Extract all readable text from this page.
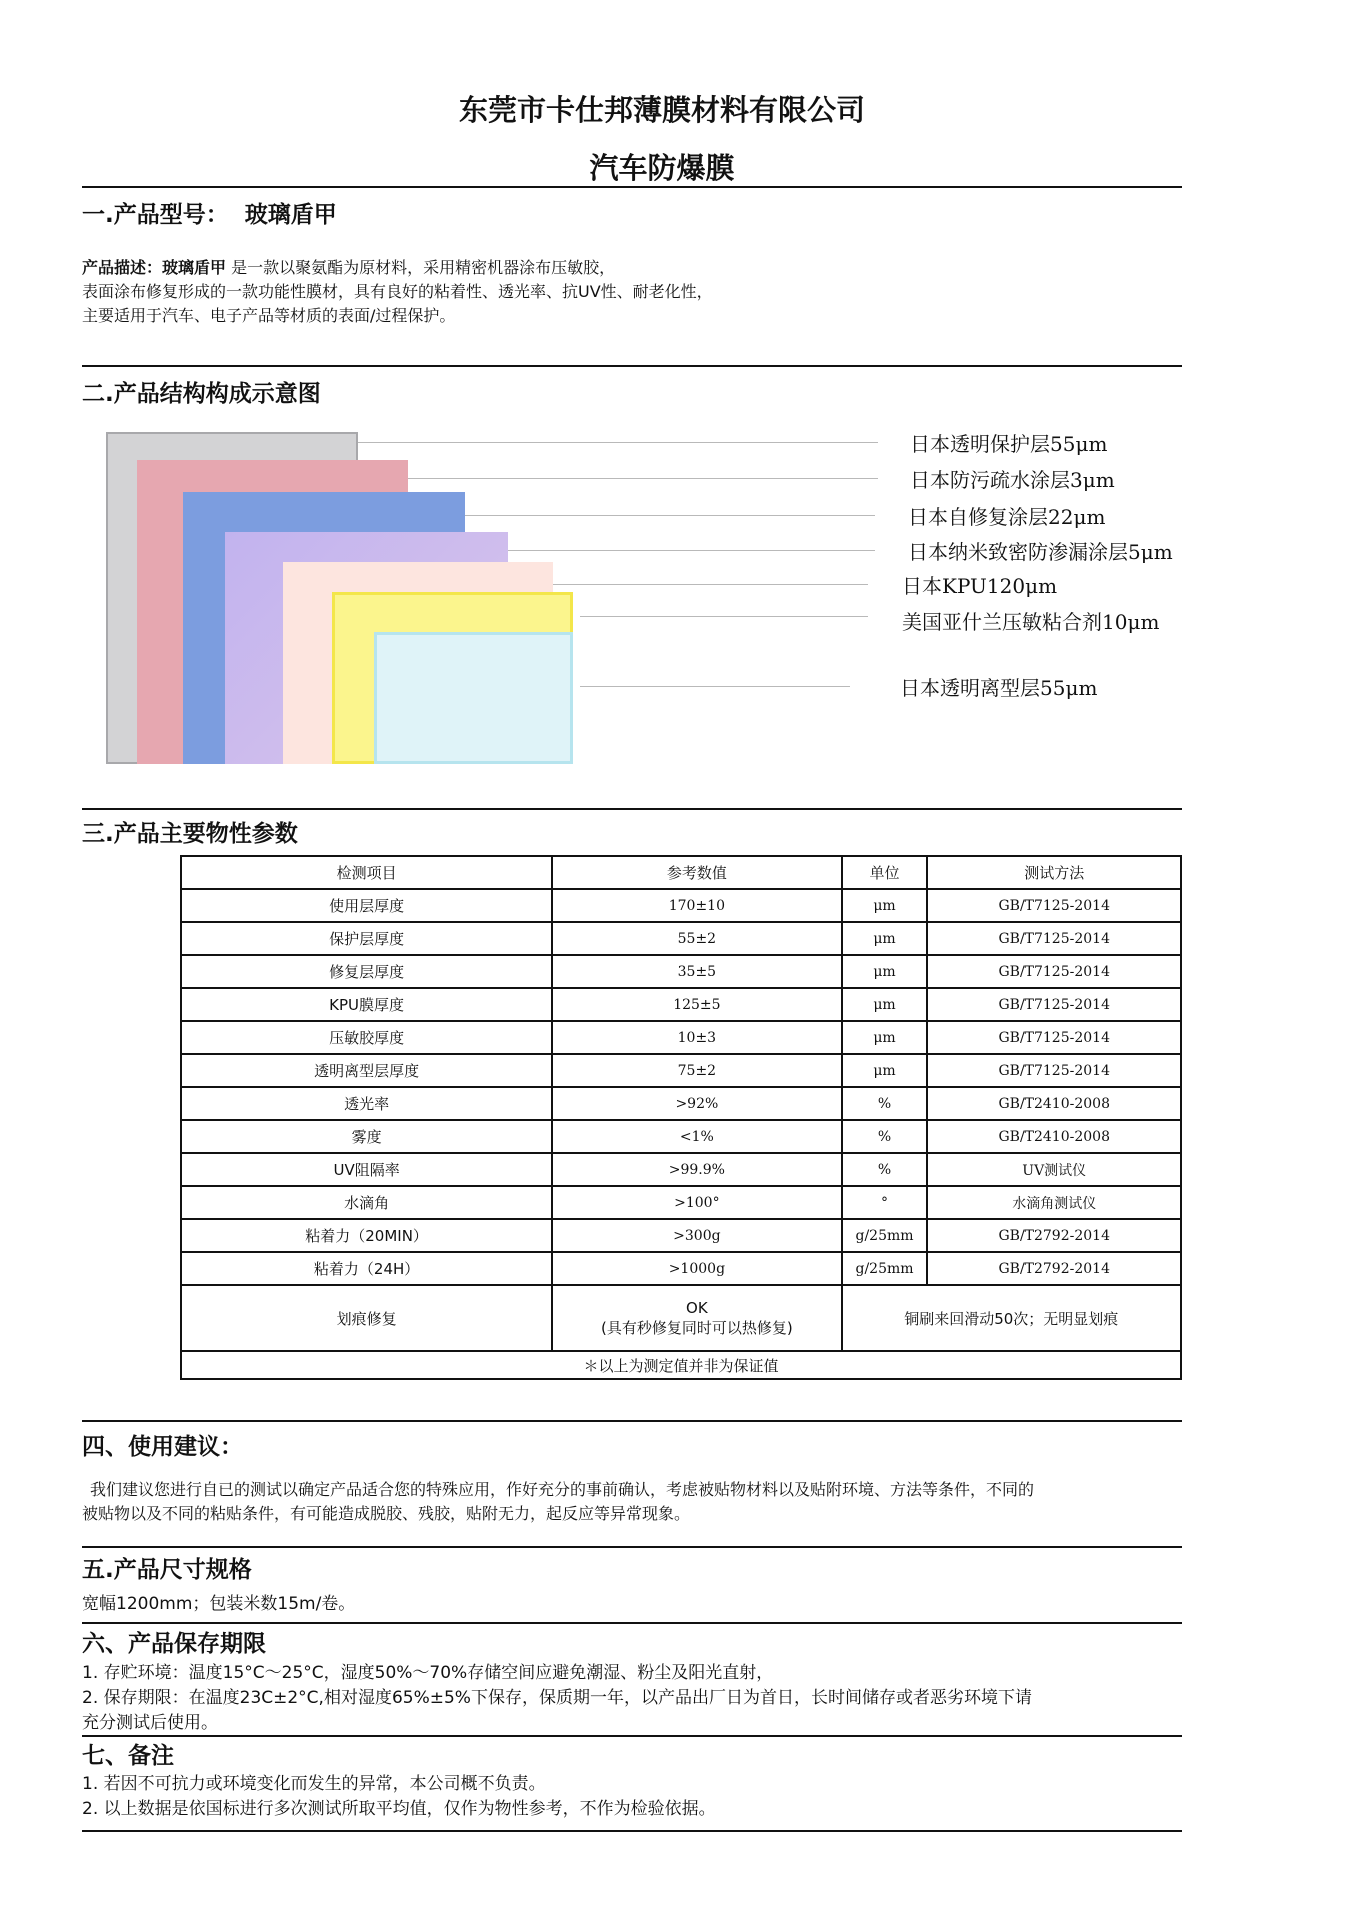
东莞市卡仕邦薄膜材料有限公司
汽车防爆膜
一.产品型号： 玻璃盾甲
产品描述：玻璃盾甲 是一款以聚氨酯为原材料，采用精密机器涂布压敏胶，
表面涂布修复形成的一款功能性膜材，具有良好的粘着性、透光率、抗UV性、耐老化性，
主要适用于汽车、电子产品等材质的表面/过程保护。
二.产品结构构成示意图
日本透明保护层55μm
日本防污疏水涂层3μm
日本自修复涂层22μm
日本纳米致密防渗漏涂层5μm
日本KPU120μm
美国亚什兰压敏粘合剂10μm
日本透明离型层55μm
三.产品主要物性参数
检测项目	参考数值	单位	测试方法
使用层厚度	170±10	μm	GB/T7125-2014
保护层厚度	55±2	μm	GB/T7125-2014
修复层厚度	35±5	μm	GB/T7125-2014
KPU膜厚度	125±5	μm	GB/T7125-2014
压敏胶厚度	10±3	μm	GB/T7125-2014
透明离型层厚度	75±2	μm	GB/T7125-2014
透光率	>92%	%	GB/T2410-2008
雾度	<1%	%	GB/T2410-2008
UV阻隔率	>99.9%	%	UV测试仪
水滴角	>100°	°	水滴角测试仪
粘着力（20MIN）	>300g	g/25mm	GB/T2792-2014
粘着力（24H）	>1000g	g/25mm	GB/T2792-2014
划痕修复	OK
(具有秒修复同时可以热修复)	铜刷来回滑动50次；无明显划痕	
＊以上为测定值并非为保证值			
四、使用建议：
我们建议您进行自已的测试以确定产品适合您的特殊应用，作好充分的事前确认，考虑被贴物材料以及贴附环境、方法等条件，不同的
被贴物以及不同的粘贴条件，有可能造成脱胶、残胶，贴附无力，起反应等异常现象。
五.产品尺寸规格
宽幅1200mm；包装米数15m/卷。
六、产品保存期限
1. 存贮环境：温度15°C～25°C，湿度50%～70%存储空间应避免潮湿、粉尘及阳光直射，
2. 保存期限：在温度23C±2°C,相对湿度65%±5%下保存，保质期一年，以产品出厂日为首日，长时间储存或者恶劣环境下请
充分测试后使用。
七、备注
1. 若因不可抗力或环境变化而发生的异常，本公司概不负责。
2. 以上数据是依国标进行多次测试所取平均值，仅作为物性参考，不作为检验依据。
